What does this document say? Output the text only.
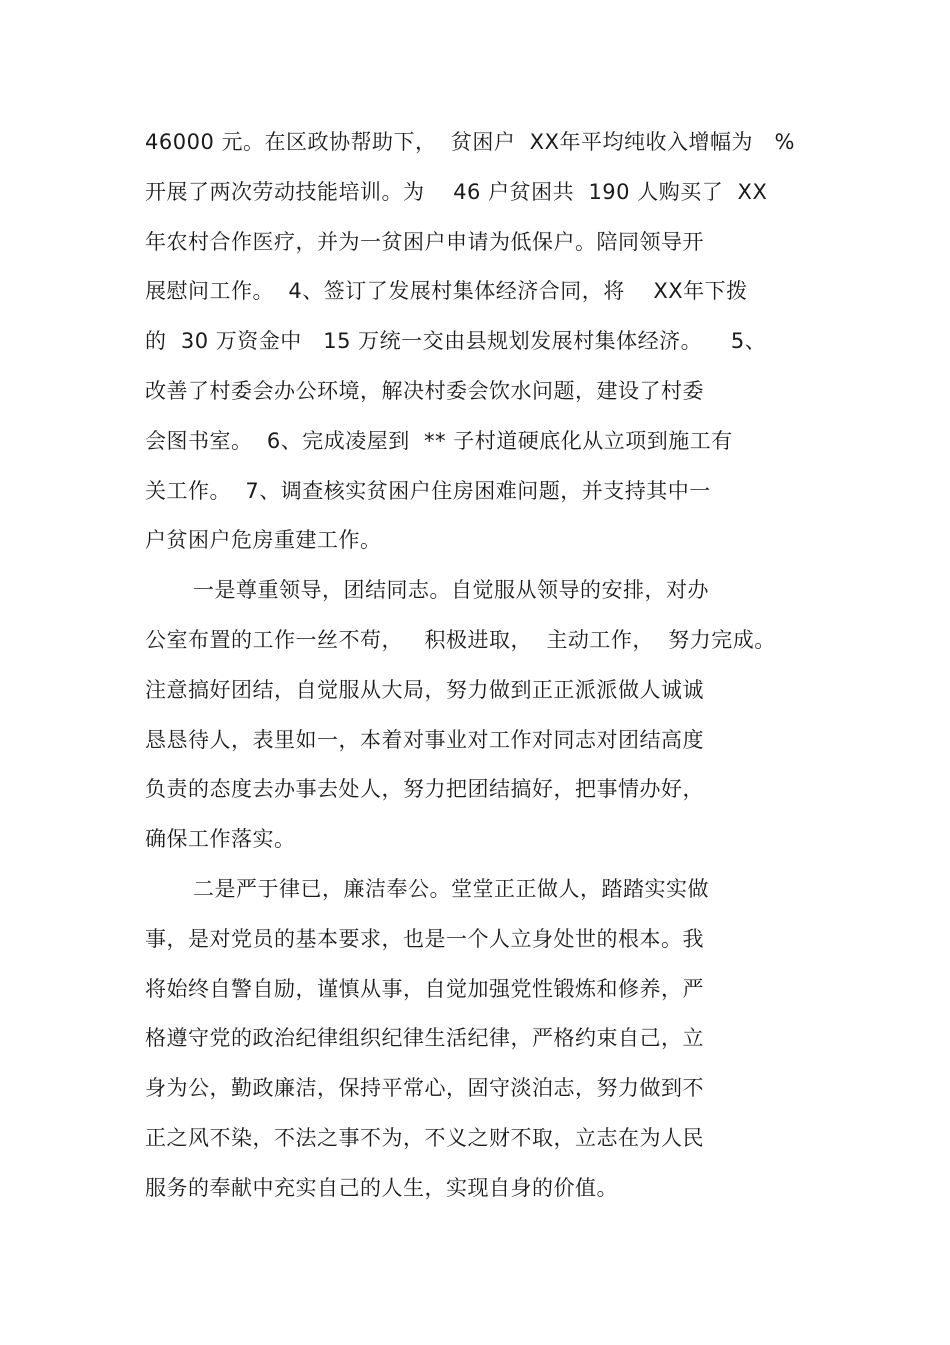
46000 元。在区政协帮助下，  贫困户  XX年平均纯收入增幅为   %
开展了两次劳动技能培训。为    46 户贫困共  190 人购买了  XX
年农村合作医疗，并为一贫困户申请为低保户。陪同领导开
展慰问工作。  4、签订了发展村集体经济合同，将    XX年下拨
的  30 万资金中   15 万统一交由县规划发展村集体经济。    5、
改善了村委会办公环境，解决村委会饮水问题，建设了村委
会图书室。  6、完成凌屋到  ** 子村道硬底化从立项到施工有
关工作。  7、调查核实贫困户住房困难问题，并支持其中一
户贫困户危房重建工作。
一是尊重领导，团结同志。自觉服从领导的安排，对办
公室布置的工作一丝不苟，   积极进取，  主动工作，  努力完成。
注意搞好团结，自觉服从大局，努力做到正正派派做人诚诚
恳恳待人，表里如一，本着对事业对工作对同志对团结高度
负责的态度去办事去处人，努力把团结搞好，把事情办好，
确保工作落实。
二是严于律已，廉洁奉公。堂堂正正做人，踏踏实实做
事，是对党员的基本要求，也是一个人立身处世的根本。我
将始终自警自励，谨慎从事，自觉加强党性锻炼和修养，严
格遵守党的政治纪律组织纪律生活纪律，严格约束自己，立
身为公，勤政廉洁，保持平常心，固守淡泊志，努力做到不
正之风不染，不法之事不为，不义之财不取，立志在为人民
服务的奉献中充实自己的人生，实现自身的价值。
